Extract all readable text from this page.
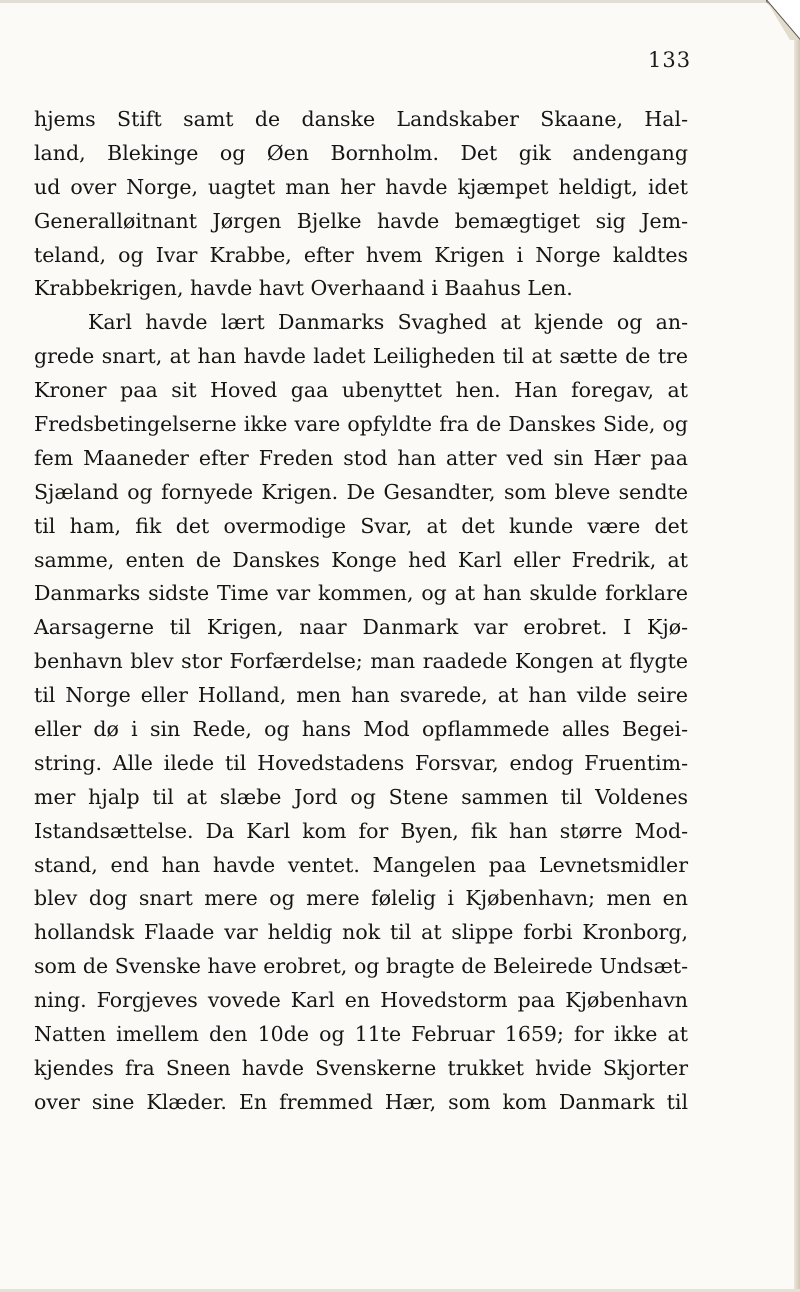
133
hjems Stift samt de danske Landskaber Skaane, Hal-
land, Blekinge og Øen Bornholm. Det gik andengang
ud over Norge, uagtet man her havde kjæmpet heldigt, idet
Generalløitnant Jørgen Bjelke havde bemægtiget sig Jem-
teland, og Ivar Krabbe, efter hvem Krigen i Norge kaldtes
Krabbekrigen, havde havt Overhaand i Baahus Len.
Karl havde lært Danmarks Svaghed at kjende og an-
grede snart, at han havde ladet Leiligheden til at sætte de tre
Kroner paa sit Hoved gaa ubenyttet hen. Han foregav, at
Fredsbetingelserne ikke vare opfyldte fra de Danskes Side, og
fem Maaneder efter Freden stod han atter ved sin Hær paa
Sjæland og fornyede Krigen. De Gesandter, som bleve sendte
til ham, fik det overmodige Svar, at det kunde være det
samme, enten de Danskes Konge hed Karl eller Fredrik, at
Danmarks sidste Time var kommen, og at han skulde forklare
Aarsagerne til Krigen, naar Danmark var erobret. I Kjø-
benhavn blev stor Forfærdelse; man raadede Kongen at flygte
til Norge eller Holland, men han svarede, at han vilde seire
eller dø i sin Rede, og hans Mod opflammede alles Begei-
string. Alle ilede til Hovedstadens Forsvar, endog Fruentim-
mer hjalp til at slæbe Jord og Stene sammen til Voldenes
Istandsættelse. Da Karl kom for Byen, fik han større Mod-
stand, end han havde ventet. Mangelen paa Levnetsmidler
blev dog snart mere og mere følelig i Kjøbenhavn; men en
hollandsk Flaade var heldig nok til at slippe forbi Kronborg,
som de Svenske have erobret, og bragte de Beleirede Undsæt-
ning. Forgjeves vovede Karl en Hovedstorm paa Kjøbenhavn
Natten imellem den 10de og 11te Februar 1659; for ikke at
kjendes fra Sneen havde Svenskerne trukket hvide Skjorter
over sine Klæder. En fremmed Hær, som kom Danmark til
